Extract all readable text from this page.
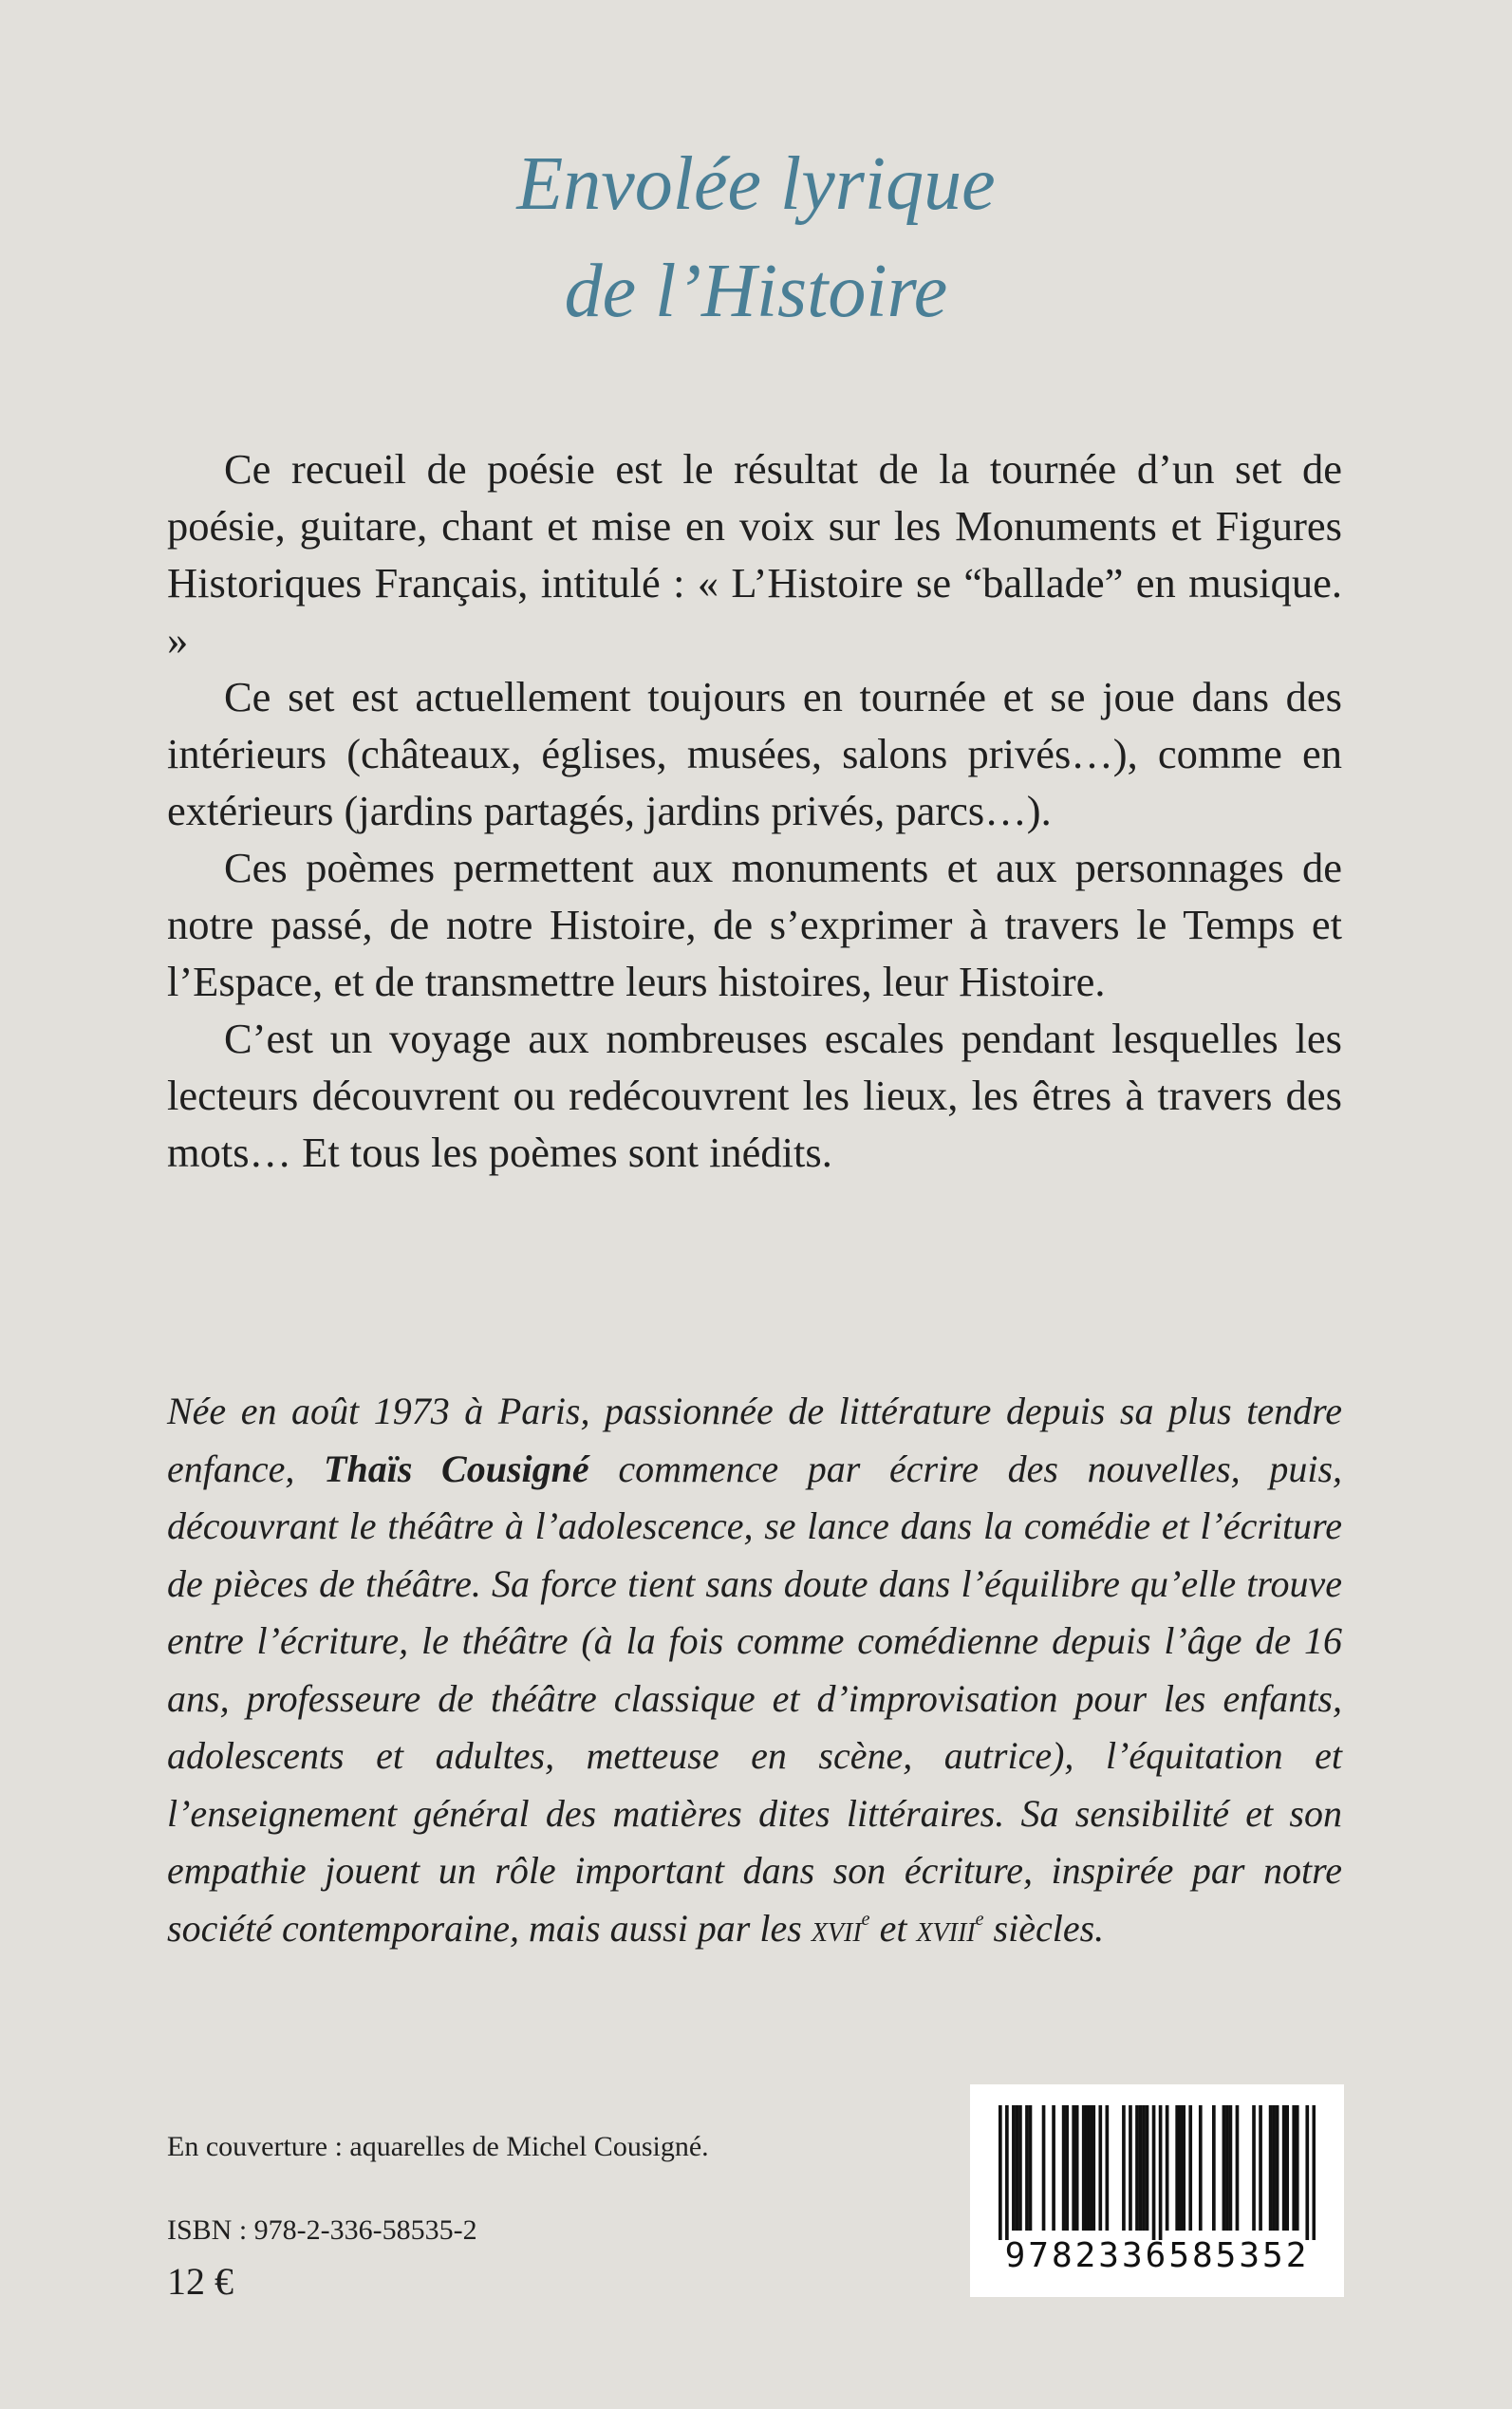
Envolée lyrique
de l’Histoire

Ce recueil de poésie est le résultat de la tournée d’un set de poésie, guitare, chant et mise en voix sur les Monuments et Figures Historiques Français, intitulé : « L’Histoire se “ballade” en musique. »

Ce set est actuellement toujours en tournée et se joue dans des intérieurs (châteaux, églises, musées, salons privés…), comme en extérieurs (jardins partagés, jardins privés, parcs…).

Ces poèmes permettent aux monuments et aux personnages de notre passé, de notre Histoire, de s’exprimer à travers le Temps et l’Espace, et de transmettre leurs histoires, leur Histoire.

C’est un voyage aux nombreuses escales pendant lesquelles les lecteurs découvrent ou redécouvrent les lieux, les êtres à travers des mots… Et tous les poèmes sont inédits.

Née en août 1973 à Paris, passionnée de littérature depuis sa plus tendre enfance, Thaïs Cousigné commence par écrire des nouvelles, puis, découvrant le théâtre à l’adolescence, se lance dans la comédie et l’écriture de pièces de théâtre. Sa force tient sans doute dans l’équilibre qu’elle trouve entre l’écriture, le théâtre (à la fois comme comédienne depuis l’âge de 16 ans, professeure de théâtre classique et d’improvisation pour les enfants, adolescents et adultes, metteuse en scène, autrice), l’équitation et l’enseignement général des matières dites littéraires. Sa sensibilité et son empathie jouent un rôle important dans son écriture, inspirée par notre société contemporaine, mais aussi par les xvii$^e$ et xviii$^e$ siècles.

En couverture : aquarelles de Michel Cousigné.
ISBN : 978-2-336-58535-2
12 €
9782336585352
